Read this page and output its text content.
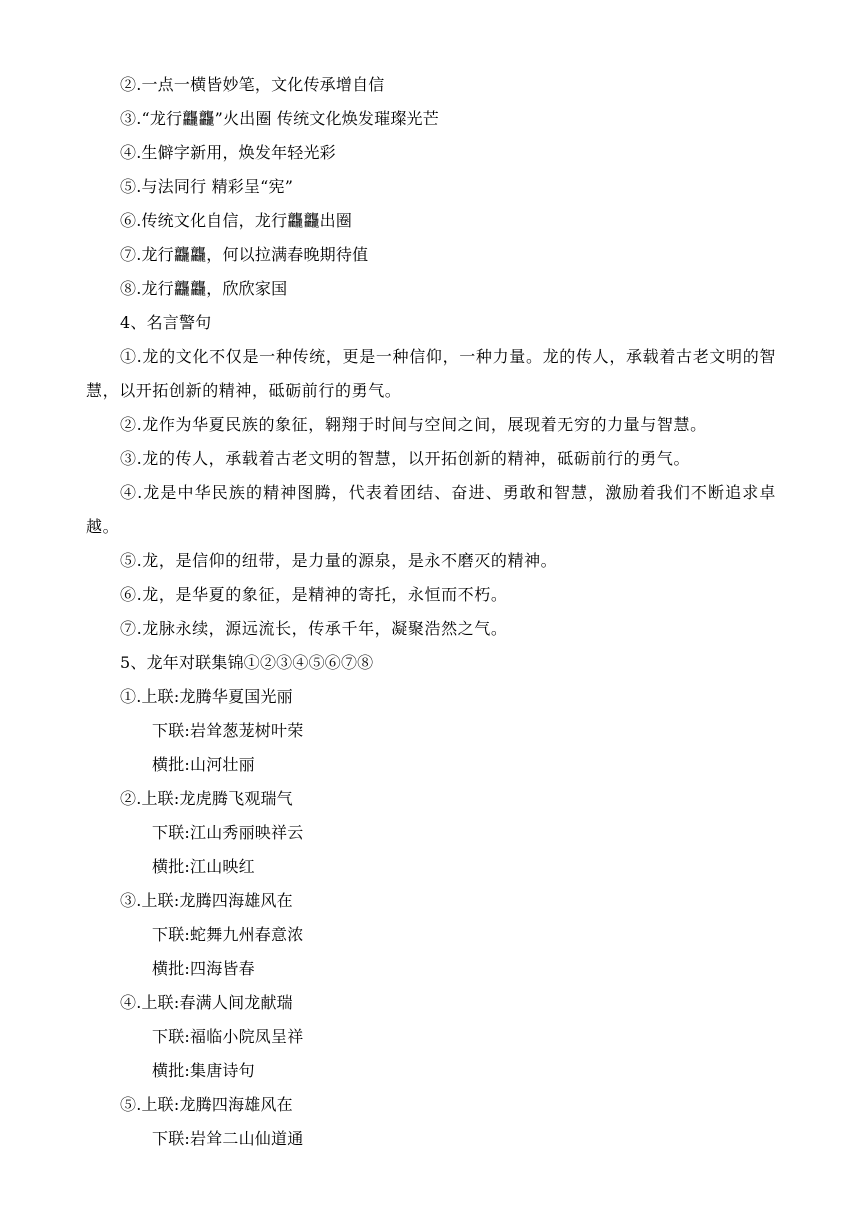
②.一点一横皆妙笔，文化传承增自信
③.“龙行龘龘”火出圈 传统文化焕发璀璨光芒
④.生僻字新用，焕发年轻光彩
⑤.与法同行 精彩呈“宪”
⑥.传统文化自信，龙行龘龘出圈
⑦.龙行龘龘，何以拉满春晚期待值
⑧.龙行龘龘，欣欣家国
4、名言警句
①.龙的文化不仅是一种传统，更是一种信仰，一种力量。龙的传人，承载着古老文明的智慧，以开拓创新的精神，砥砺前行的勇气。
②.龙作为华夏民族的象征，翱翔于时间与空间之间，展现着无穷的力量与智慧。
③.龙的传人，承载着古老文明的智慧，以开拓创新的精神，砥砺前行的勇气。
④.龙是中华民族的精神图腾，代表着团结、奋进、勇敢和智慧，激励着我们不断追求卓越。
⑤.龙，是信仰的纽带，是力量的源泉，是永不磨灭的精神。
⑥.龙，是华夏的象征，是精神的寄托，永恒而不朽。
⑦.龙脉永续，源远流长，传承千年，凝聚浩然之气。
5、龙年对联集锦①②③④⑤⑥⑦⑧
①.上联:龙腾华夏国光丽
下联:岩耸葱茏树叶荣
横批:山河壮丽
②.上联:龙虎腾飞观瑞气
下联:江山秀丽映祥云
横批:江山映红
③.上联:龙腾四海雄风在
下联:蛇舞九州春意浓
横批:四海皆春
④.上联:春满人间龙献瑞
下联:福临小院凤呈祥
横批:集唐诗句
⑤.上联:龙腾四海雄风在
下联:岩耸二山仙道通
